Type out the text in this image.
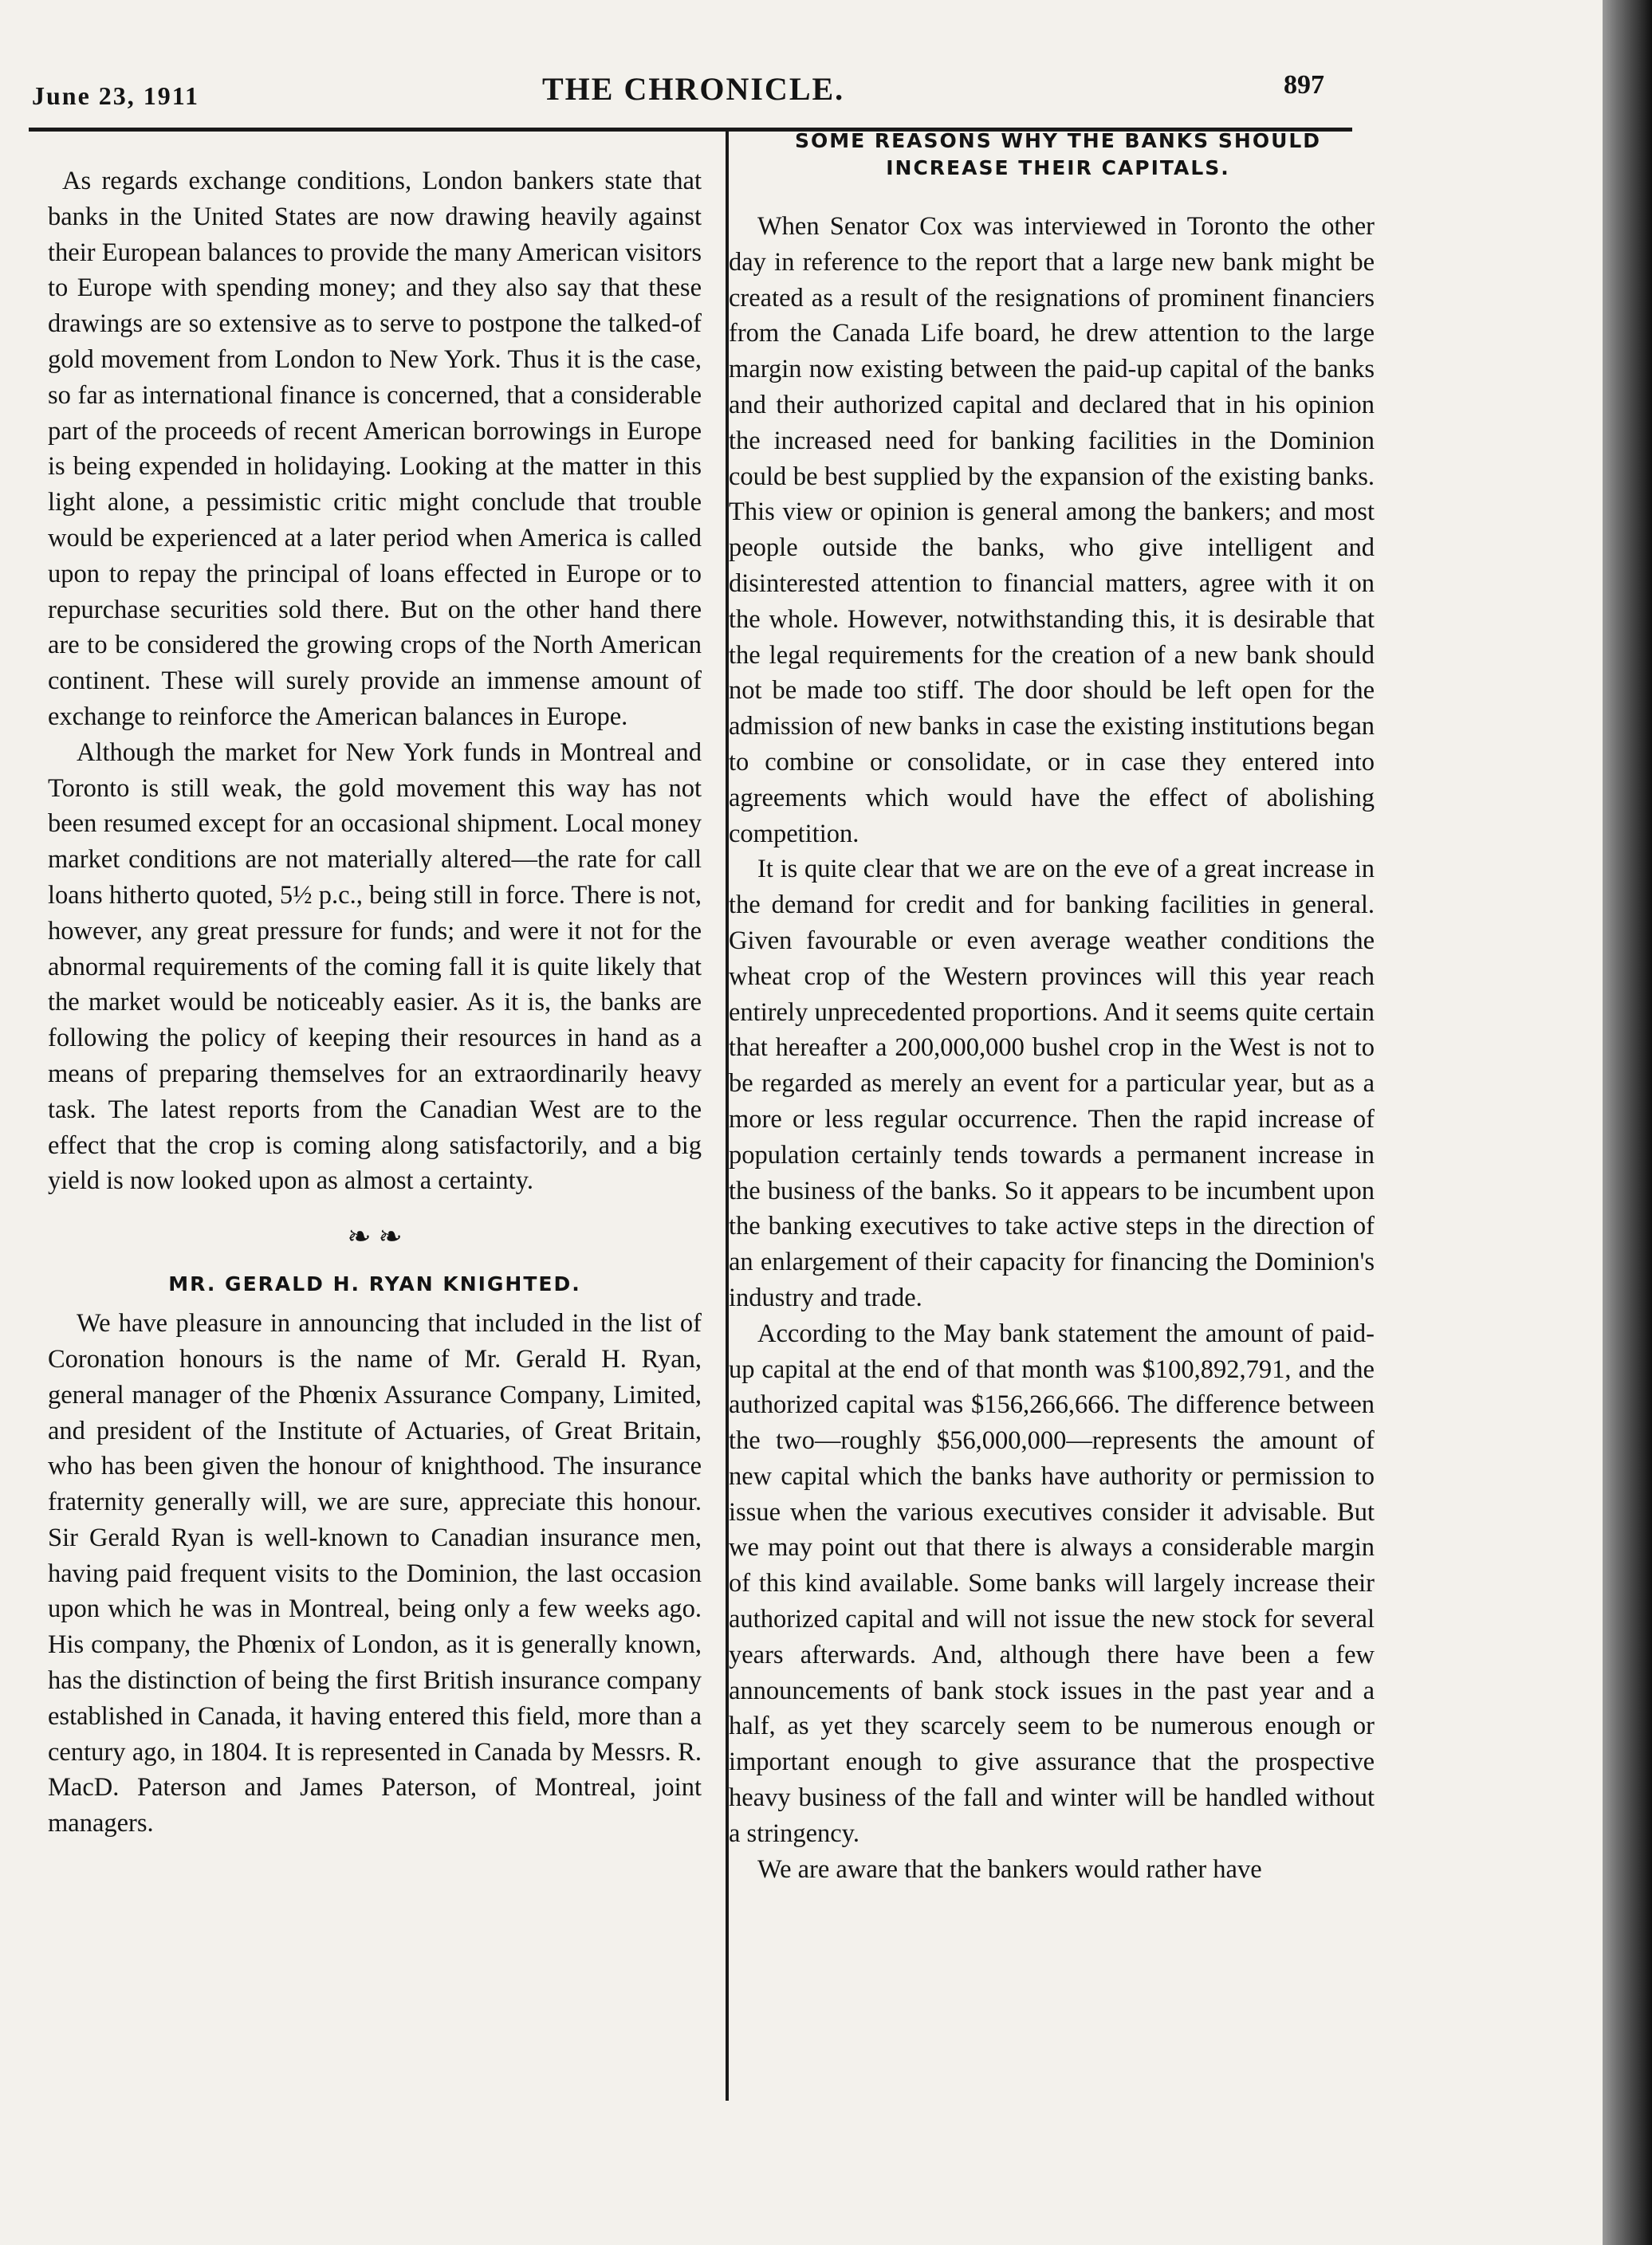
June 23, 1911	THE CHRONICLE.	897

As regards exchange conditions, London bankers state that banks in the United States are now drawing heavily against their European balances to provide the many American visitors to Europe with spending money; and they also say that these drawings are so extensive as to serve to postpone the talked-of gold movement from London to New York. Thus it is the case, so far as international finance is concerned, that a considerable part of the proceeds of recent American borrowings in Europe is being expended in holidaying. Looking at the matter in this light alone, a pessimistic critic might conclude that trouble would be experienced at a later period when America is called upon to repay the principal of loans effected in Europe or to repurchase securities sold there. But on the other hand there are to be considered the growing crops of the North American continent. These will surely provide an immense amount of exchange to reinforce the American balances in Europe.

Although the market for New York funds in Montreal and Toronto is still weak, the gold movement this way has not been resumed except for an occasional shipment. Local money market conditions are not materially altered—the rate for call loans hitherto quoted, 5½ p.c., being still in force. There is not, however, any great pressure for funds; and were it not for the abnormal requirements of the coming fall it is quite likely that the market would be noticeably easier. As it is, the banks are following the policy of keeping their resources in hand as a means of preparing themselves for an extraordinarily heavy task. The latest reports from the Canadian West are to the effect that the crop is coming along satisfactorily, and a big yield is now looked upon as almost a certainty.

❧ ❧
MR. GERALD H. RYAN KNIGHTED.

We have pleasure in announcing that included in the list of Coronation honours is the name of Mr. Gerald H. Ryan, general manager of the Phœnix Assurance Company, Limited, and president of the Institute of Actuaries, of Great Britain, who has been given the honour of knighthood. The insurance fraternity generally will, we are sure, appreciate this honour. Sir Gerald Ryan is well-known to Canadian insurance men, having paid frequent visits to the Dominion, the last occasion upon which he was in Montreal, being only a few weeks ago. His company, the Phœnix of London, as it is generally known, has the distinction of being the first British insurance company established in Canada, it having entered this field, more than a century ago, in 1804. It is represented in Canada by Messrs. R. MacD. Paterson and James Paterson, of Montreal, joint managers.

SOME REASONS WHY THE BANKS SHOULD
INCREASE THEIR CAPITALS.

When Senator Cox was interviewed in Toronto the other day in reference to the report that a large new bank might be created as a result of the resignations of prominent financiers from the Canada Life board, he drew attention to the large margin now existing between the paid-up capital of the banks and their authorized capital and declared that in his opinion the increased need for banking facilities in the Dominion could be best supplied by the expansion of the existing banks. This view or opinion is general among the bankers; and most people outside the banks, who give intelligent and disinterested attention to financial matters, agree with it on the whole. However, notwithstanding this, it is desirable that the legal requirements for the creation of a new bank should not be made too stiff. The door should be left open for the admission of new banks in case the existing institutions began to combine or consolidate, or in case they entered into agreements which would have the effect of abolishing competition.

It is quite clear that we are on the eve of a great increase in the demand for credit and for banking facilities in general. Given favourable or even average weather conditions the wheat crop of the Western provinces will this year reach entirely unprecedented proportions. And it seems quite certain that hereafter a 200,000,000 bushel crop in the West is not to be regarded as merely an event for a particular year, but as a more or less regular occurrence. Then the rapid increase of population certainly tends towards a permanent increase in the business of the banks. So it appears to be incumbent upon the banking executives to take active steps in the direction of an enlargement of their capacity for financing the Dominion's industry and trade.

According to the May bank statement the amount of paid-up capital at the end of that month was $100,892,791, and the authorized capital was $156,266,666. The difference between the two—roughly $56,000,000—represents the amount of new capital which the banks have authority or permission to issue when the various executives consider it advisable. But we may point out that there is always a considerable margin of this kind available. Some banks will largely increase their authorized capital and will not issue the new stock for several years afterwards. And, although there have been a few announcements of bank stock issues in the past year and a half, as yet they scarcely seem to be numerous enough or important enough to give assurance that the prospective heavy business of the fall and winter will be handled without a stringency.

We are aware that the bankers would rather have
